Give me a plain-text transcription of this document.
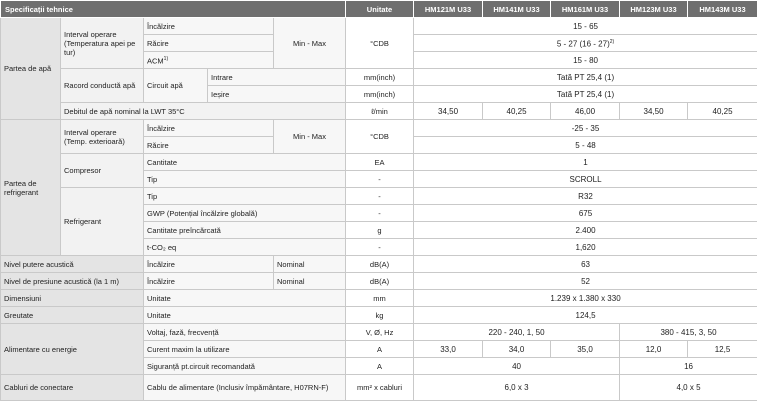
Specificații tehnice					Unitate	HM121M U33	HM141M U33	HM161M U33	HM123M U33	HM143M U33	
Partea de apă	Interval operare (Temperatura apei pe tur)	Încălzire		Min - Max	°CDB	15 - 65					
		Răcire				5 - 27 (16 - 27)$^{2)}$
		ACM$^{1)}$				15 - 80					
	Racord conductă apă	Circuit apă	Intrare		mm(inch)	Tată PT 25,4 (1)					
			Ieșire		mm(inch)	Tată PT 25,4 (1)					
	Debitul de apă nominal la LWT 35°C				ℓ/min	34,50	40,25	46,00	34,50	40,25	
Partea de refrigerant	Interval operare (Temp. exterioară)	Încălzire		Min - Max	°CDB	-25 - 35					
		Răcire				5 - 48					
	Compresor	Cantitate			EA	1					
		Tip			-	SCROLL					
	Refrigerant	Tip			-	R32					
		GWP (Potențial încălzire globală)			-	675					
		Cantitate preîncărcată			g	2.400					
		t-CO₂ eq			-	1,620					
Nivel putere acustică		Încălzire		Nominal	dB(A)	63					
Nivel de presiune acustică (la 1 m)		Încălzire		Nominal	dB(A)	52					
Dimensiuni		Unitate			mm	1.239 x 1.380 x 330					
Greutate		Unitate			kg	124,5					
Alimentare cu energie		Voltaj, fază, frecvență			V, Ø, Hz	220 - 240, 1, 50			380 - 415, 3, 50		
		Curent maxim la utilizare			A	33,0	34,0	35,0	12,0	12,5	
		Siguranță pt.circuit recomandată			A	40			16		
Cabluri de conectare		Cablu de alimentare (Inclusiv împământare, H07RN-F)			mm² x cabluri	6,0 x 3			4,0 x 5		
